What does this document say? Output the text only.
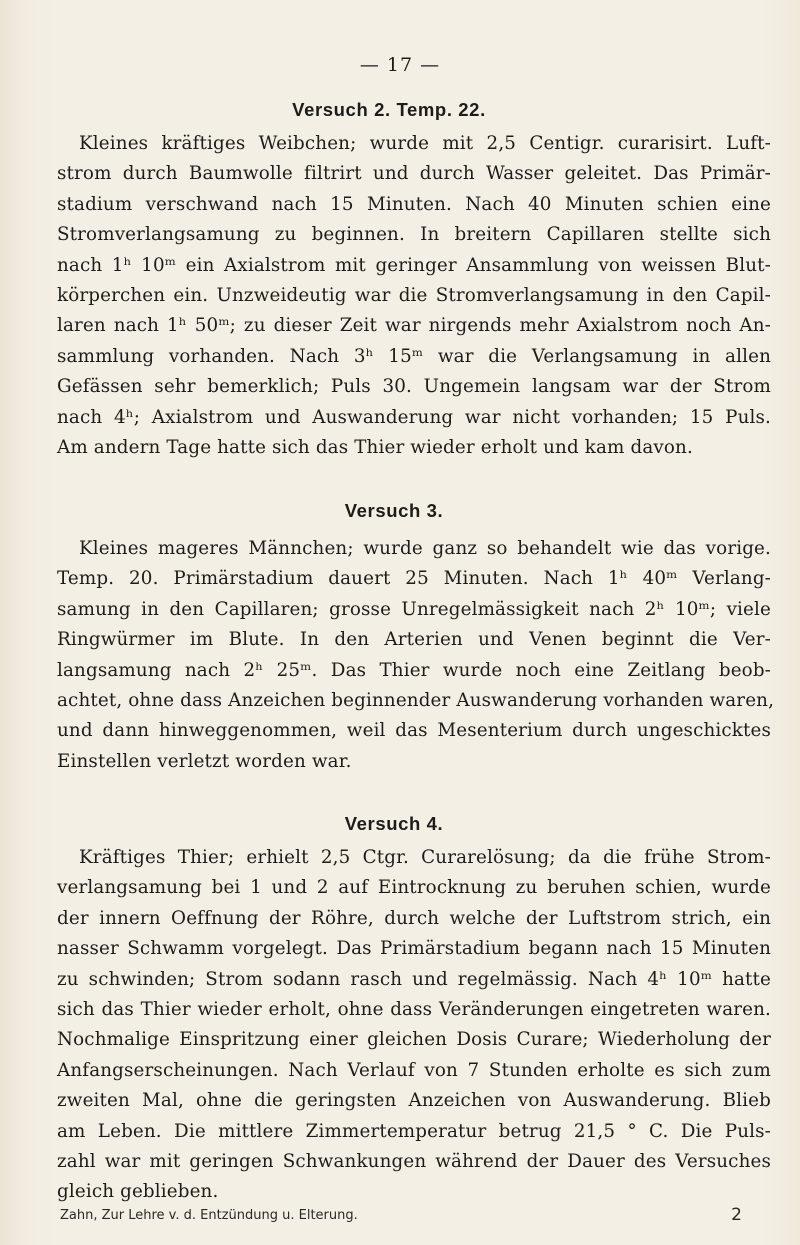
— 17 —
Versuch 2. Temp. 22.

Kleines kräftiges Weibchen; wurde mit 2,5 Centigr. curarisirt. Luft-
strom durch Baumwolle filtrirt und durch Wasser geleitet. Das Primär-
stadium verschwand nach 15 Minuten. Nach 40 Minuten schien eine
Stromverlangsamung zu beginnen. In breitern Capillaren stellte sich
nach 1ʰ 10ᵐ ein Axialstrom mit geringer Ansammlung von weissen Blut-
körperchen ein. Unzweideutig war die Stromverlangsamung in den Capil-
laren nach 1ʰ 50ᵐ; zu dieser Zeit war nirgends mehr Axialstrom noch An-
sammlung vorhanden. Nach 3ʰ 15ᵐ war die Verlangsamung in allen
Gefässen sehr bemerklich; Puls 30. Ungemein langsam war der Strom
nach 4ʰ; Axialstrom und Auswanderung war nicht vorhanden; 15 Puls.
Am andern Tage hatte sich das Thier wieder erholt und kam davon.

Versuch 3.

Kleines mageres Männchen; wurde ganz so behandelt wie das vorige.
Temp. 20. Primärstadium dauert 25 Minuten. Nach 1ʰ 40ᵐ Verlang-
samung in den Capillaren; grosse Unregelmässigkeit nach 2ʰ 10ᵐ; viele
Ringwürmer im Blute. In den Arterien und Venen beginnt die Ver-
langsamung nach 2ʰ 25ᵐ. Das Thier wurde noch eine Zeitlang beob-
achtet, ohne dass Anzeichen beginnender Auswanderung vorhanden waren,
und dann hinweggenommen, weil das Mesenterium durch ungeschicktes
Einstellen verletzt worden war.

Versuch 4.

Kräftiges Thier; erhielt 2,5 Ctgr. Curarelösung; da die frühe Strom-
verlangsamung bei 1 und 2 auf Eintrocknung zu beruhen schien, wurde
der innern Oeffnung der Röhre, durch welche der Luftstrom strich, ein
nasser Schwamm vorgelegt. Das Primärstadium begann nach 15 Minuten
zu schwinden; Strom sodann rasch und regelmässig. Nach 4ʰ 10ᵐ hatte
sich das Thier wieder erholt, ohne dass Veränderungen eingetreten waren.
Nochmalige Einspritzung einer gleichen Dosis Curare; Wiederholung der
Anfangserscheinungen. Nach Verlauf von 7 Stunden erholte es sich zum
zweiten Mal, ohne die geringsten Anzeichen von Auswanderung. Blieb
am Leben. Die mittlere Zimmertemperatur betrug 21,5 ° C. Die Puls-
zahl war mit geringen Schwankungen während der Dauer des Versuches
gleich geblieben.

Zahn, Zur Lehre v. d. Entzündung u. Elterung.	2
